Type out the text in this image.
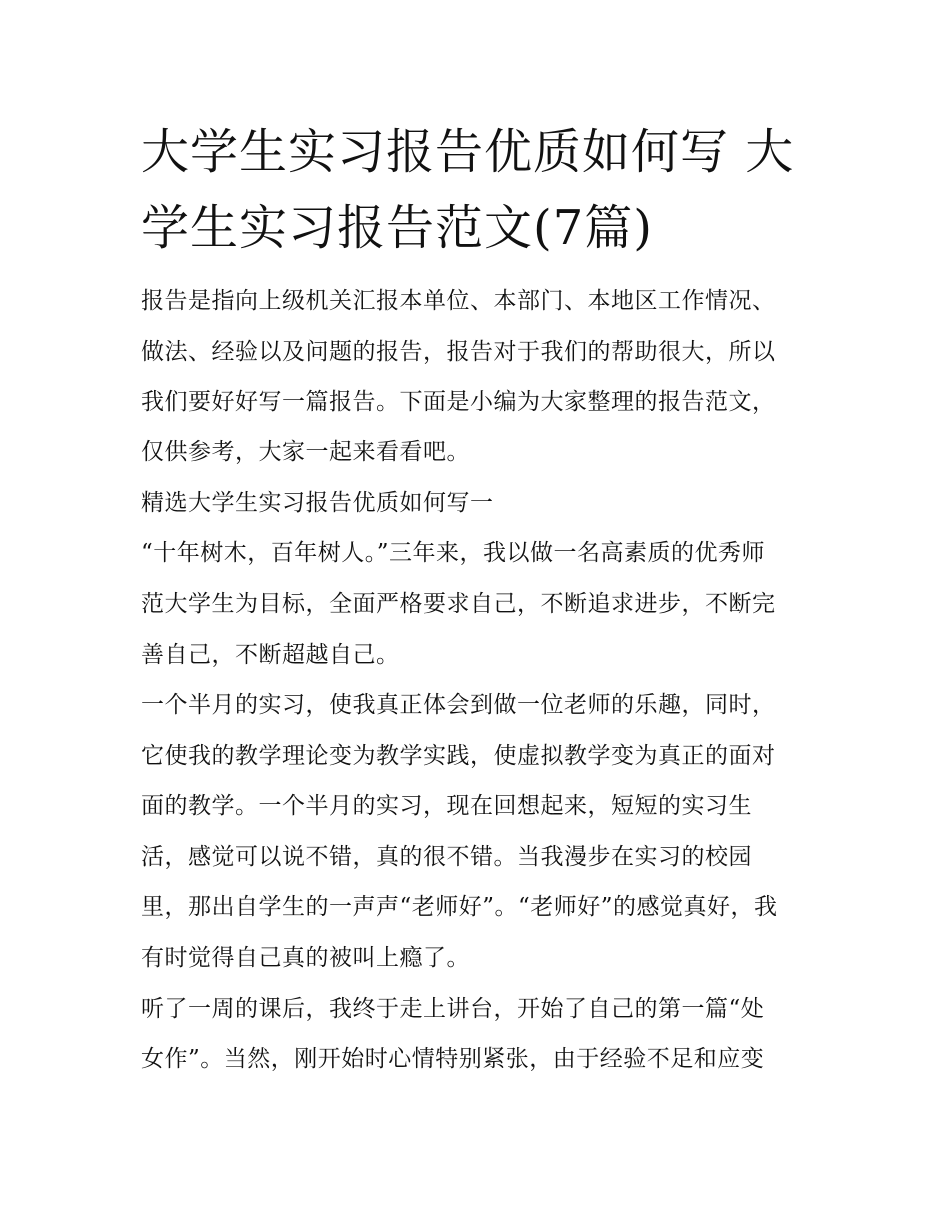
大学生实习报告优质如何写 大
学生实习报告范文(7篇)
报告是指向上级机关汇报本单位、本部门、本地区工作情况、
做法、经验以及问题的报告，报告对于我们的帮助很大，所以
我们要好好写一篇报告。下面是小编为大家整理的报告范文，
仅供参考，大家一起来看看吧。
精选大学生实习报告优质如何写一
“十年树木，百年树人。”三年来，我以做一名高素质的优秀师
范大学生为目标，全面严格要求自己，不断追求进步，不断完
善自己，不断超越自己。
一个半月的实习，使我真正体会到做一位老师的乐趣，同时，
它使我的教学理论变为教学实践，使虚拟教学变为真正的面对
面的教学。一个半月的实习，现在回想起来，短短的实习生
活，感觉可以说不错，真的很不错。当我漫步在实习的校园
里，那出自学生的一声声“老师好”。“老师好”的感觉真好，我
有时觉得自己真的被叫上瘾了。
听了一周的课后，我终于走上讲台，开始了自己的第一篇“处
女作”。当然，刚开始时心情特别紧张，由于经验不足和应变
